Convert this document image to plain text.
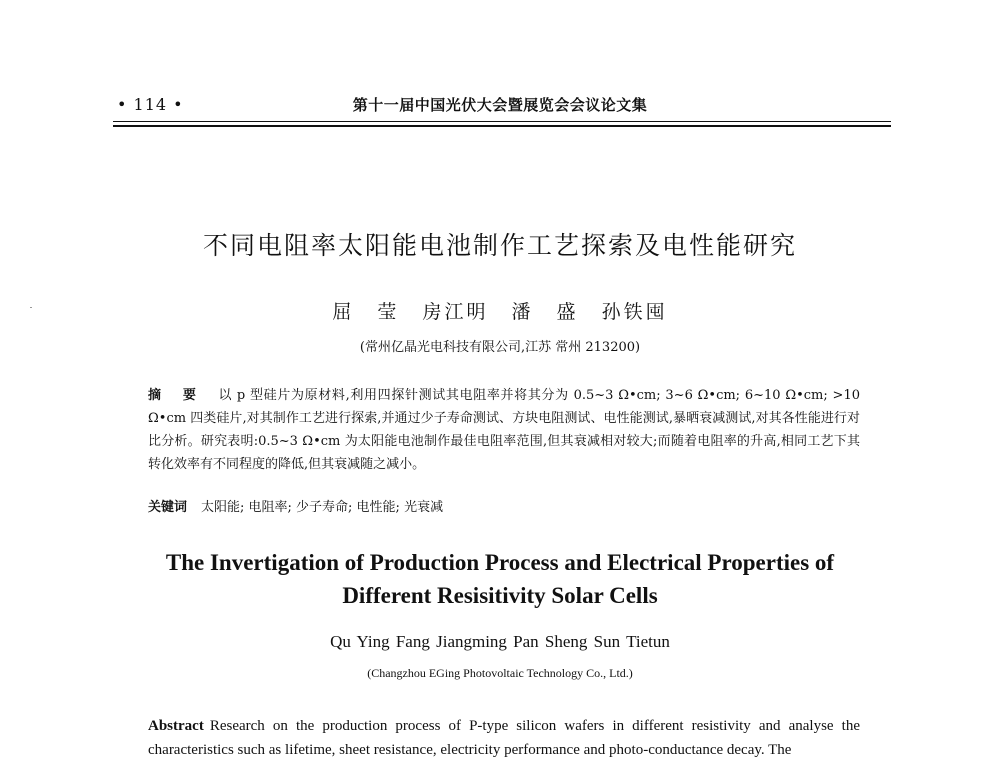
• 114 •	第十一届中国光伏大会暨展览会会议论文集
不同电阻率太阳能电池制作工艺探索及电性能研究
屈 莹 房江明 潘 盛 孙铁囤
(常州亿晶光电科技有限公司,江苏 常州 213200)
摘 要 以 p 型硅片为原材料,利用四探针测试其电阻率并将其分为 0.5~3 Ω•cm; 3~6 Ω•cm; 6~10 Ω•cm; >10 Ω•cm 四类硅片,对其制作工艺进行探索,并通过少子寿命测试、方块电阻测试、电性能测试,暴晒衰减测试,对其各性能进行对比分析。研究表明:0.5~3 Ω•cm 为太阳能电池制作最佳电阻率范围,但其衰减相对较大;而随着电阻率的升高,相同工艺下其转化效率有不同程度的降低,但其衰减随之减小。
关键词 太阳能; 电阻率; 少子寿命; 电性能; 光衰减
The Invertigation of Production Process and Electrical Properties of
Different Resisitivity Solar Cells
Qu Ying Fang Jiangming Pan Sheng Sun Tietun
(Changzhou EGing Photovoltaic Technology Co., Ltd.)
Abstract Research on the production process of P-type silicon wafers in different resistivity and analyse the characteristics such as lifetime, sheet resistance, electricity performance and photo-conductance decay. The
